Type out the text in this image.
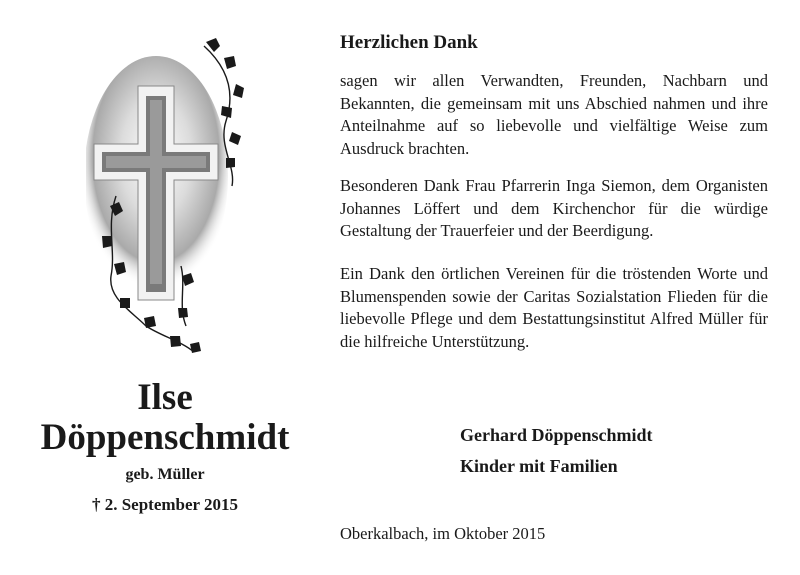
Ilse
Döppenschmidt
geb. Müller
† 2. September 2015
Herzlichen Dank
sagen wir allen Verwandten, Freunden, Nachbarn und Bekannten, die gemeinsam mit uns Abschied nahmen und ihre Anteilnahme auf so liebevolle und vielfältige Weise zum Ausdruck brachten.
Besonderen Dank Frau Pfarrerin Inga Siemon, dem Organisten Johannes Löffert und dem Kirchenchor für die würdige Gestaltung der Trauerfeier und der Beerdigung.
Ein Dank den örtlichen Vereinen für die tröstenden Worte und Blumenspenden sowie der Caritas Sozialstation Flieden für die liebevolle Pflege und dem Bestattungsinstitut Alfred Müller für die hilfreiche Unterstützung.
Gerhard Döppenschmidt
Kinder mit Familien
Oberkalbach, im Oktober 2015
